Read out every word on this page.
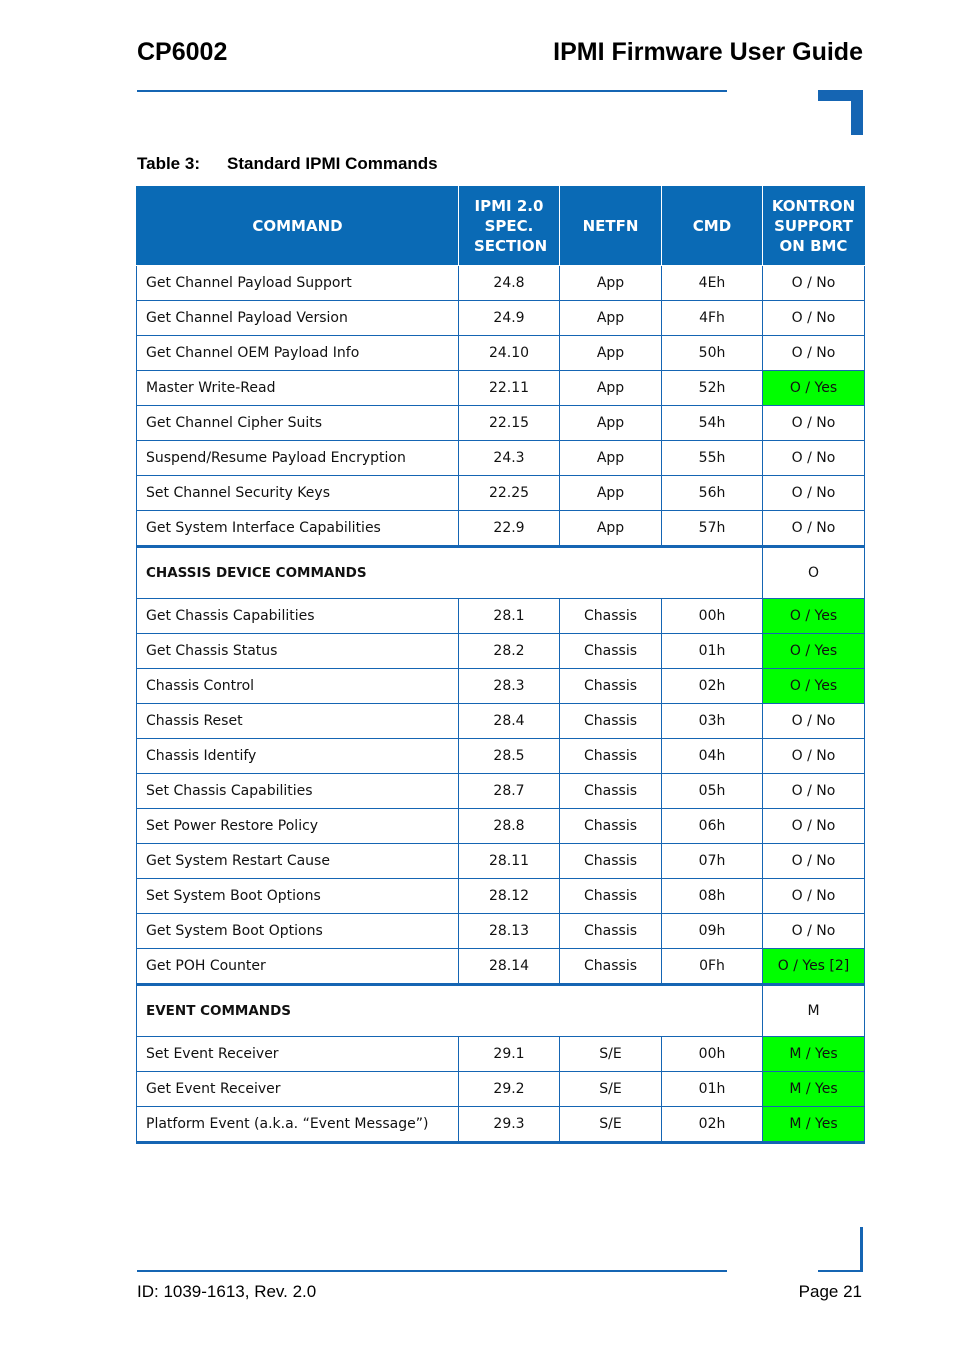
CP6002	IPMI Firmware User Guide
Table 3: Standard IPMI Commands
COMMAND	IPMI 2.0 SPEC. SECTION	NETFN	CMD	KONTRON SUPPORT ON BMC

Get Channel Payload Support	24.8	App	4Eh	O / No
Get Channel Payload Version	24.9	App	4Fh	O / No
Get Channel OEM Payload Info	24.10	App	50h	O / No
Master Write-Read	22.11	App	52h	O / Yes
Get Channel Cipher Suits	22.15	App	54h	O / No
Suspend/Resume Payload Encryption	24.3	App	55h	O / No
Set Channel Security Keys	22.25	App	56h	O / No
Get System Interface Capabilities	22.9	App	57h	O / No
CHASSIS DEVICE COMMANDS				O
Get Chassis Capabilities	28.1	Chassis	00h	O / Yes
Get Chassis Status	28.2	Chassis	01h	O / Yes
Chassis Control	28.3	Chassis	02h	O / Yes
Chassis Reset	28.4	Chassis	03h	O / No
Chassis Identify	28.5	Chassis	04h	O / No
Set Chassis Capabilities	28.7	Chassis	05h	O / No
Set Power Restore Policy	28.8	Chassis	06h	O / No
Get System Restart Cause	28.11	Chassis	07h	O / No
Set System Boot Options	28.12	Chassis	08h	O / No
Get System Boot Options	28.13	Chassis	09h	O / No
Get POH Counter	28.14	Chassis	0Fh	O / Yes [2]
EVENT COMMANDS				M
Set Event Receiver	29.1	S/E	00h	M / Yes
Get Event Receiver	29.2	S/E	01h	M / Yes
Platform Event (a.k.a. “Event Message”)	29.3	S/E	02h	M / Yes
ID: 1039-1613, Rev. 2.0	Page 21
